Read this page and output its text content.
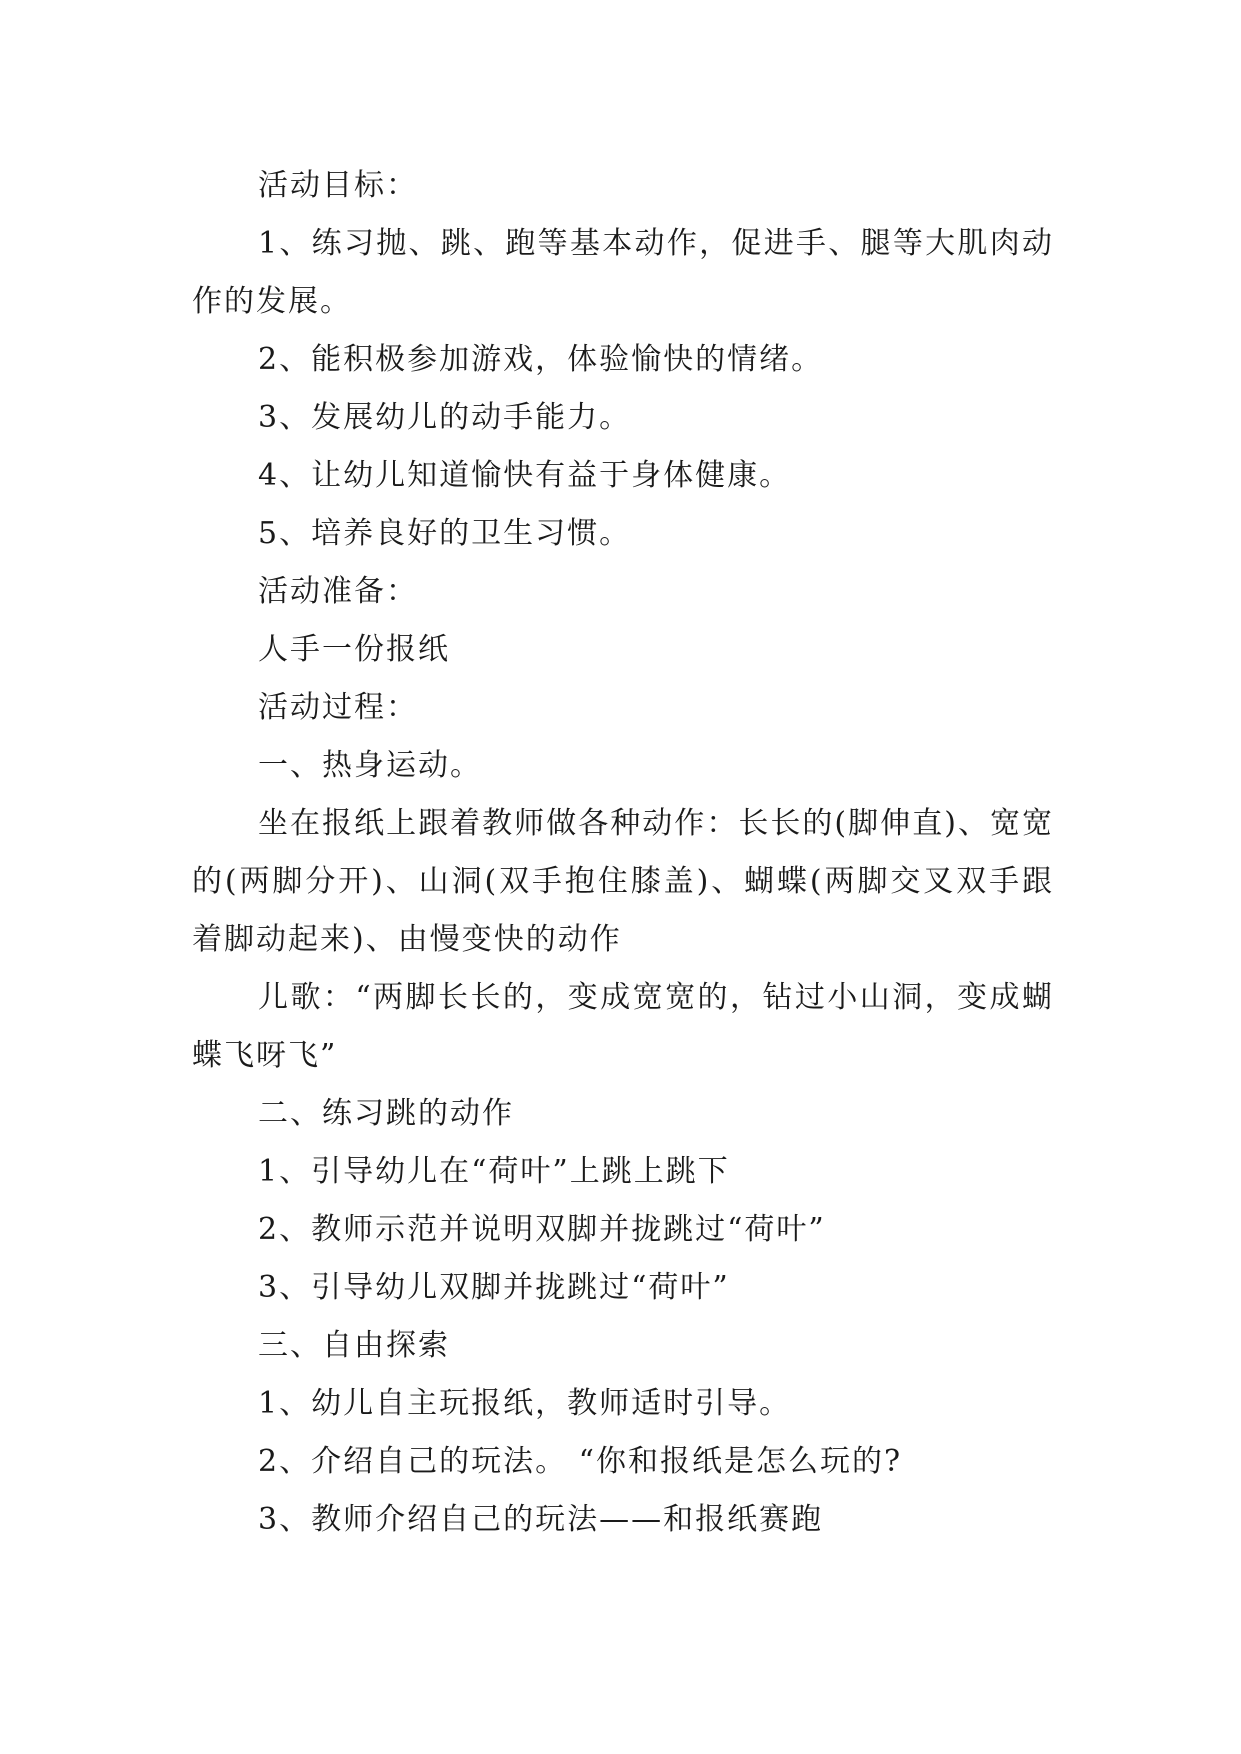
活动目标：

1、练习抛、跳、跑等基本动作，促进手、腿等大肌肉动作的发展。

2、能积极参加游戏，体验愉快的情绪。

3、发展幼儿的动手能力。

4、让幼儿知道愉快有益于身体健康。

5、培养良好的卫生习惯。

活动准备：

人手一份报纸

活动过程：

一、热身运动。

坐在报纸上跟着教师做各种动作：长长的(脚伸直)、宽宽的(两脚分开)、山洞(双手抱住膝盖)、蝴蝶(两脚交叉双手跟着脚动起来)、由慢变快的动作

儿歌：“两脚长长的，变成宽宽的，钻过小山洞，变成蝴蝶飞呀飞”

二、练习跳的动作

1、引导幼儿在“荷叶”上跳上跳下

2、教师示范并说明双脚并拢跳过“荷叶”

3、引导幼儿双脚并拢跳过“荷叶”

三、自由探索

1、幼儿自主玩报纸，教师适时引导。

2、介绍自己的玩法。 “你和报纸是怎么玩的?

3、教师介绍自己的玩法——和报纸赛跑
